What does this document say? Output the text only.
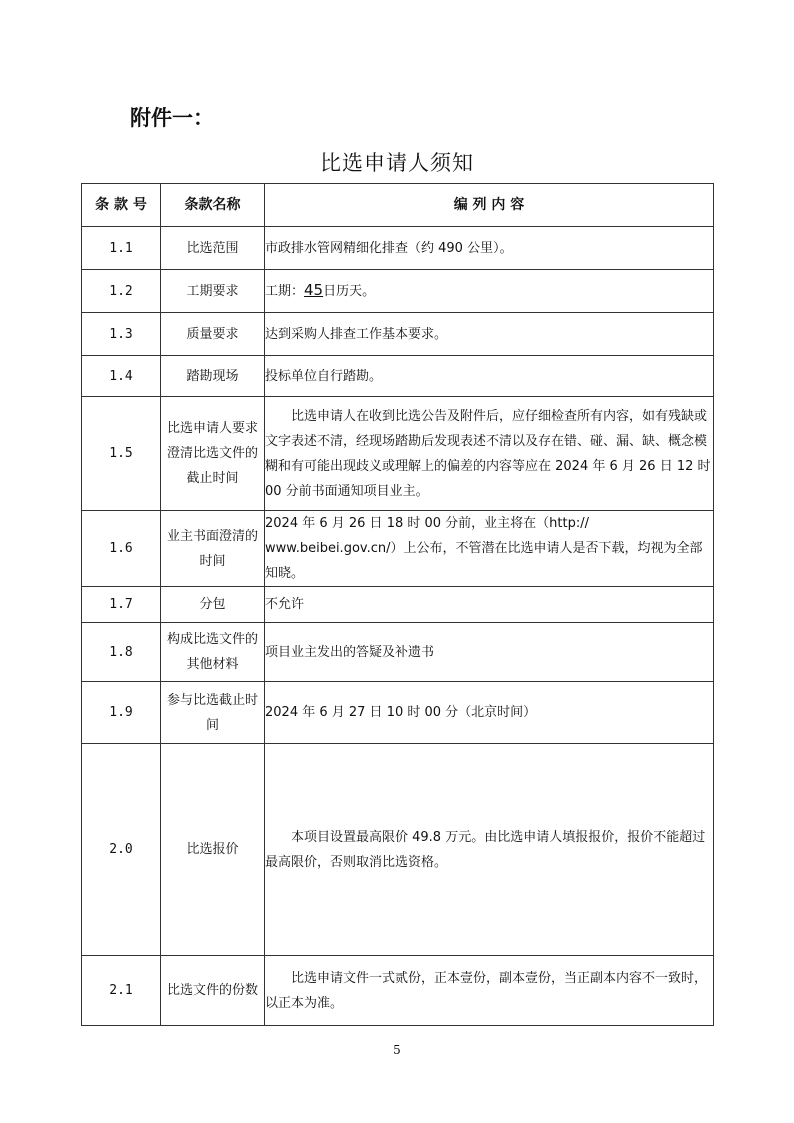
附件一：
比选申请人须知
条 款 号	条款名称	编 列 内 容
1.1	比选范围	市政排水管网精细化排查（约 490 公里）。
1.2	工期要求	工期：45日历天。
1.3	质量要求	达到采购人排查工作基本要求。
1.4	踏勘现场	投标单位自行踏勘。
1.5	比选申请人要求澄清比选文件的截止时间	比选申请人在收到比选公告及附件后，应仔细检查所有内容，如有残缺或文字表述不清，经现场踏勘后发现表述不清以及存在错、碰、漏、缺、概念模糊和有可能出现歧义或理解上的偏差的内容等应在 2024 年 6 月 26 日 12 时 00 分前书面通知项目业主。
1.6	业主书面澄清的时间	2024 年 6 月 26 日 18 时 00 分前，业主将在（http:// www.beibei.gov.cn/）上公布，不管潜在比选申请人是否下载，均视为全部知晓。
1.7	分包	不允许
1.8	构成比选文件的其他材料	项目业主发出的答疑及补遗书
1.9	参与比选截止时间	2024 年 6 月 27 日 10 时 00 分（北京时间）
2.0	比选报价	本项目设置最高限价 49.8 万元。由比选申请人填报报价，报价不能超过最高限价，否则取消比选资格。
2.1	比选文件的份数	比选申请文件一式贰份，正本壹份，副本壹份，当正副本内容不一致时，以正本为准。
5
